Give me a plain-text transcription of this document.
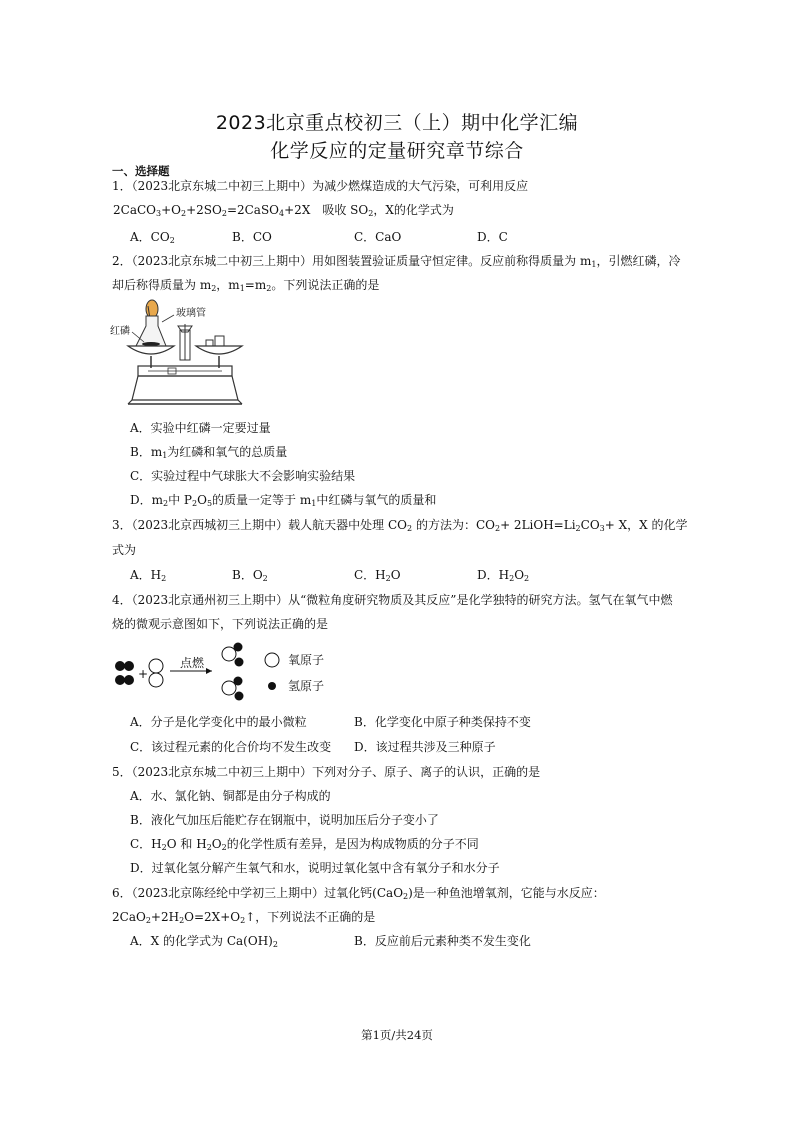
2023北京重点校初三（上）期中化学汇编
化学反应的定量研究章节综合
一、选择题
1．（2023北京东城二中初三上期中）为减少燃煤造成的大气污染，可利用反应
$2CaCO_3+O_2+2SO_2=2CaSO_4+2X$　吸收 $SO_2$，X的化学式为
A．$CO_2$	B．CO	C．CaO	D．C
2．（2023北京东城二中初三上期中）用如图装置验证质量守恒定律。反应前称得质量为 $m_1$，引燃红磷，冷
却后称得质量为 $m_2$，$m_1=m_2$。下列说法正确的是
玻璃管
红磷
A．实验中红磷一定要过量
B．$m_1$为红磷和氧气的总质量
C．实验过程中气球胀大不会影响实验结果
D．$m_2$中 $P_2O_5$的质量一定等于 $m_1$中红磷与氧气的质量和
3．（2023北京西城初三上期中）载人航天器中处理 $CO_2$ 的方法为：$CO_2+$ $2LiOH=Li_2CO_3+ X$，X 的化学
式为
A．$H_2$	B．$O_2$	C．$H_2O$	D．$H_2O_2$
4．（2023北京通州初三上期中）从“微粒角度研究物质及其反应”是化学独特的研究方法。氢气在氧气中燃
烧的微观示意图如下，下列说法正确的是
+
点燃	氧原子
氢原子
A．分子是化学变化中的最小微粒	B．化学变化中原子种类保持不变
C．该过程元素的化合价均不发生改变 D．该过程共涉及三种原子
5．（2023北京东城二中初三上期中）下列对分子、原子、离子的认识，正确的是
A．水、氯化钠、铜都是由分子构成的
B．液化气加压后能贮存在钢瓶中，说明加压后分子变小了
C．$H_2O$ 和 $H_2O_2$的化学性质有差异，是因为构成物质的分子不同
D．过氧化氢分解产生氧气和水，说明过氧化氢中含有氧分子和水分子
6．（2023北京陈经纶中学初三上期中）过氧化钙(CaO$_2$)是一种鱼池增氧剂，它能与水反应：
$2CaO_2+2H_2O=2X+O_2↑$，下列说法不正确的是
A．X 的化学式为 $Ca(OH)_2$	B．反应前后元素种类不发生变化
第1页/共24页
